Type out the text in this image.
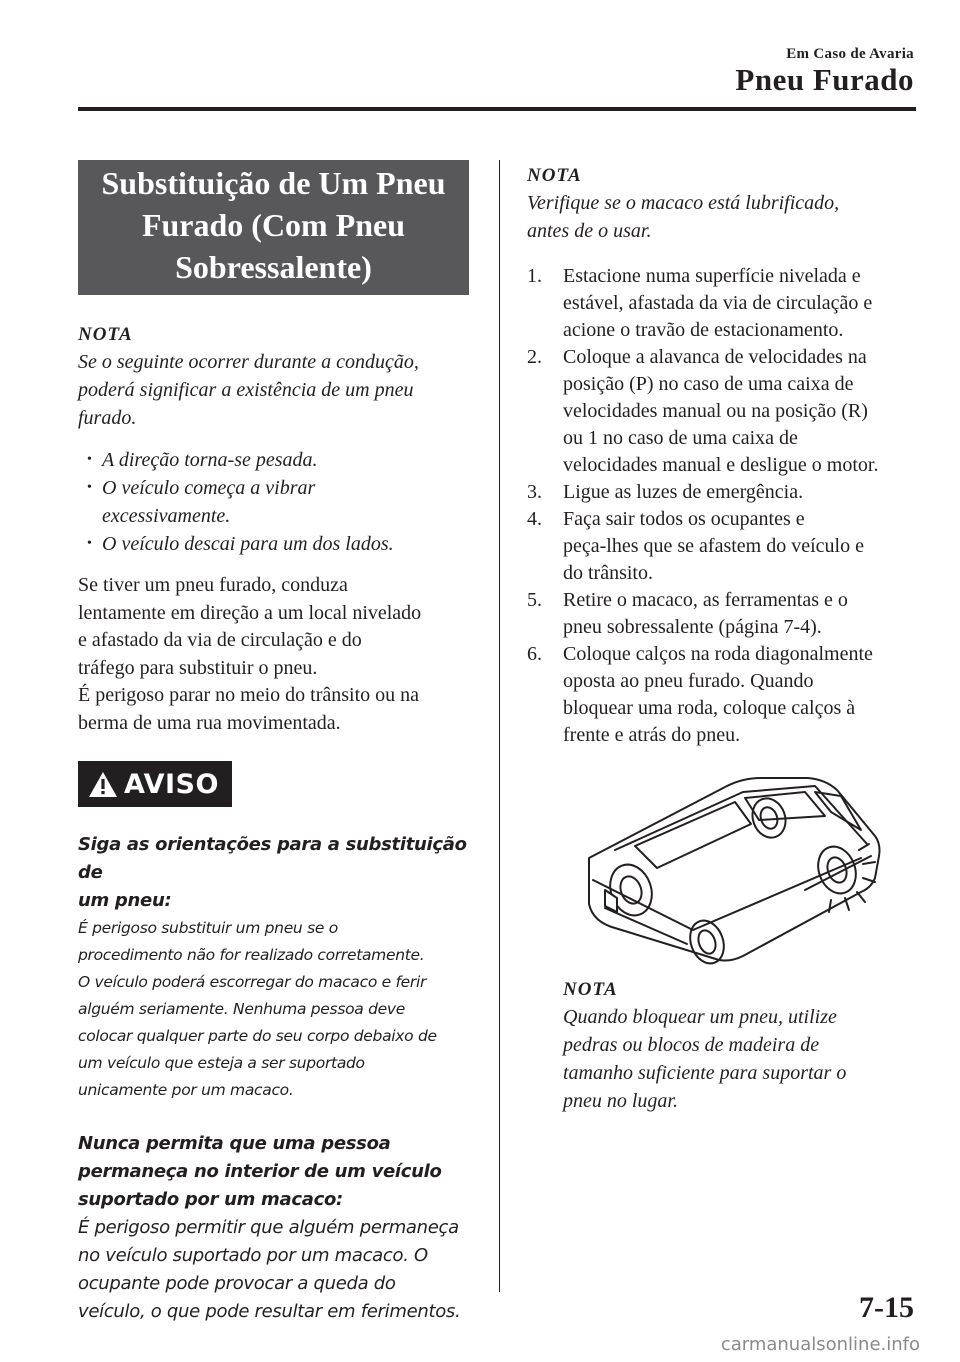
Em Caso de Avaria
Pneu Furado
Substituição de Um Pneu
Furado (Com Pneu
Sobressalente)

NOTA

Se o seguinte ocorrer durante a condução,

poderá significar a existência de um pneu

furado.

• A direção torna-se pesada.
• O veículo começa a vibrar
excessivamente.
• O veículo descai para um dos lados.

Se tiver um pneu furado, conduza

lentamente em direção a um local nivelado

e afastado da via de circulação e do

tráfego para substituir o pneu.

É perigoso parar no meio do trânsito ou na

berma de uma rua movimentada.

AVISO

Siga as orientações para a substituição de

um pneu:

É perigoso substituir um pneu se o

procedimento não for realizado corretamente.

O veículo poderá escorregar do macaco e ferir

alguém seriamente. Nenhuma pessoa deve

colocar qualquer parte do seu corpo debaixo de

um veículo que esteja a ser suportado

unicamente por um macaco.

Nunca permita que uma pessoa

permaneça no interior de um veículo

suportado por um macaco:

É perigoso permitir que alguém permaneça

no veículo suportado por um macaco. O

ocupante pode provocar a queda do

veículo, o que pode resultar em ferimentos.

NOTA

Verifique se o macaco está lubrificado,

antes de o usar.

1.	Estacione numa superfície nivelada e
estável, afastada da via de circulação e
acione o travão de estacionamento.
2.	Coloque a alavanca de velocidades na
posição (P) no caso de uma caixa de
velocidades manual ou na posição (R)
ou 1 no caso de uma caixa de
velocidades manual e desligue o motor.
3.	Ligue as luzes de emergência.
4.	Faça sair todos os ocupantes e
peça-lhes que se afastem do veículo e
do trânsito.
5.	Retire o macaco, as ferramentas e o
pneu sobressalente (página 7-4).
6.	Coloque calços na roda diagonalmente
oposta ao pneu furado. Quando
bloquear uma roda, coloque calços à
frente e atrás do pneu.

NOTA

Quando bloquear um pneu, utilize

pedras ou blocos de madeira de

tamanho suficiente para suportar o

pneu no lugar.

7-15
carmanualsonline.info
